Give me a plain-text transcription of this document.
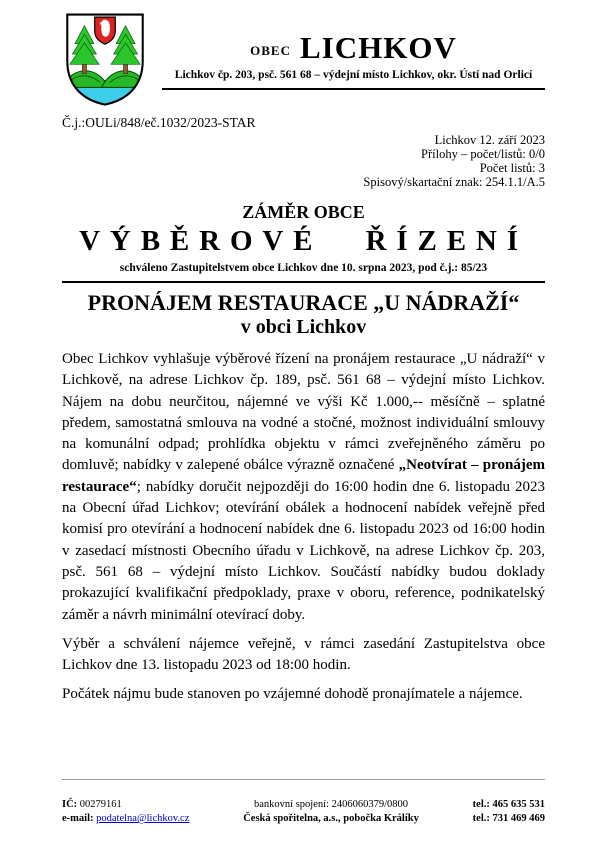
OBEC LICHKOV
Lichkov čp. 203, psč. 561 68 – výdejní místo Lichkov, okr. Ústí nad Orlicí
Č.j.:OULi/848/eč.1032/2023-STAR
Lichkov 12. září 2023
Přílohy – počet/listů: 0/0
Počet listů: 3
Spisový/skartační znak: 254.1.1/A.5
ZÁMĚR OBCE
VÝBĚROVÉ ŘÍZENÍ
schváleno Zastupitelstvem obce Lichkov dne 10. srpna 2023, pod č.j.: 85/23
PRONÁJEM RESTAURACE „U NÁDRAŽÍ“
v obci Lichkov

Obec Lichkov vyhlašuje výběrové řízení na pronájem restaurace „U nádraží“ v Lichkově, na adrese Lichkov čp. 189, psč. 561 68 – výdejní místo Lichkov. Nájem na dobu neurčitou, nájemné ve výši Kč 1.000,-- měsíčně – splatné předem, samostatná smlouva na vodné a stočné, možnost individuální smlouvy na komunální odpad; prohlídka objektu v rámci zveřejněného záměru po domluvě; nabídky v zalepené obálce výrazně označené „Neotvírat – pronájem restaurace“; nabídky doručit nejpozději do 16:00 hodin dne 6. listopadu 2023 na Obecní úřad Lichkov; otevírání obálek a hodnocení nabídek veřejně před komisí pro otevírání a hodnocení nabídek dne 6. listopadu 2023 od 16:00 hodin v zasedací místnosti Obecního úřadu v Lichkově, na adrese Lichkov čp. 203, psč. 561 68 – výdejní místo Lichkov. Součástí nabídky budou doklady prokazující kvalifikační předpoklady, praxe v oboru, reference, podnikatelský záměr a návrh minimální otevírací doby.

Výběr a schválení nájemce veřejně, v rámci zasedání Zastupitelstva obce Lichkov dne 13. listopadu 2023 od 18:00 hodin.

Počátek nájmu bude stanoven po vzájemné dohodě pronajímatele a nájemce.

IČ: 00279161
e-mail: podatelna@lichkov.cz
bankovní spojení: 2406060379/0800
Česká spořitelna, a.s., pobočka Králíky
tel.: 465 635 531
tel.: 731 469 469
